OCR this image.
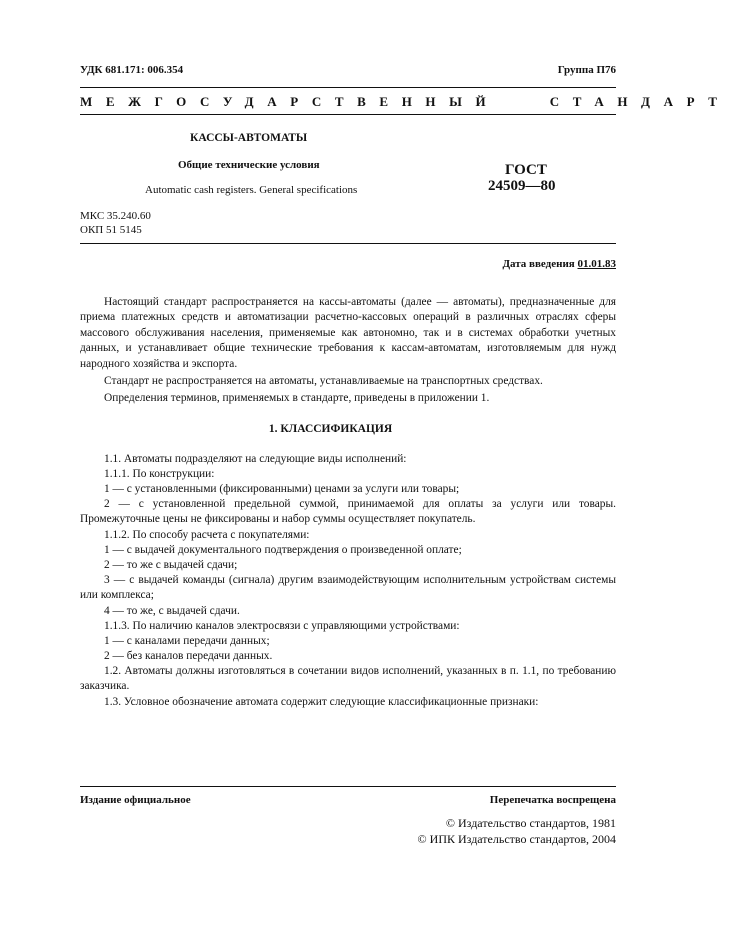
УДК 681.171: 006.354	Группа П76
МЕЖГОСУДАРСТВЕННЫЙ   СТАНДАРТ
КАССЫ-АВТОМАТЫ
Общие технические условия
Automatic cash registers. General specifications
ГОСТ
24509—80
МКС 35.240.60
ОКП 51 5145
Дата введения 01.01.83
Настоящий стандарт распространяется на кассы-автоматы (далее — автоматы), предназначенные для приема платежных средств и автоматизации расчетно-кассовых операций в различных отраслях сферы массового обслуживания населения, применяемые как автономно, так и в системах обработки учетных данных, и устанавливает общие технические требования к кассам-автоматам, изготовляемым для нужд народного хозяйства и экспорта.
Стандарт не распространяется на автоматы, устанавливаемые на транспортных средствах.
Определения терминов, применяемых в стандарте, приведены в приложении 1.
1. КЛАССИФИКАЦИЯ
1.1. Автоматы подразделяют на следующие виды исполнений:
1.1.1. По конструкции:
1 — с установленными (фиксированными) ценами за услуги или товары;
2 — с установленной предельной суммой, принимаемой для оплаты за услуги или товары. Промежуточные цены не фиксированы и набор суммы осуществляет покупатель.
1.1.2. По способу расчета с покупателями:
1 — с выдачей документального подтверждения о произведенной оплате;
2 — то же с выдачей сдачи;
3 — с выдачей команды (сигнала) другим взаимодействующим исполнительным устройствам системы или комплекса;
4 — то же, с выдачей сдачи.
1.1.3. По наличию каналов электросвязи с управляющими устройствами:
1 — с каналами передачи данных;
2 — без каналов передачи данных.
1.2. Автоматы должны изготовляться в сочетании видов исполнений, указанных в п. 1.1, по требованию заказчика.
1.3. Условное обозначение автомата содержит следующие классификационные признаки:
Издание официальное	Перепечатка воспрещена
© Издательство стандартов, 1981
© ИПК Издательство стандартов, 2004
